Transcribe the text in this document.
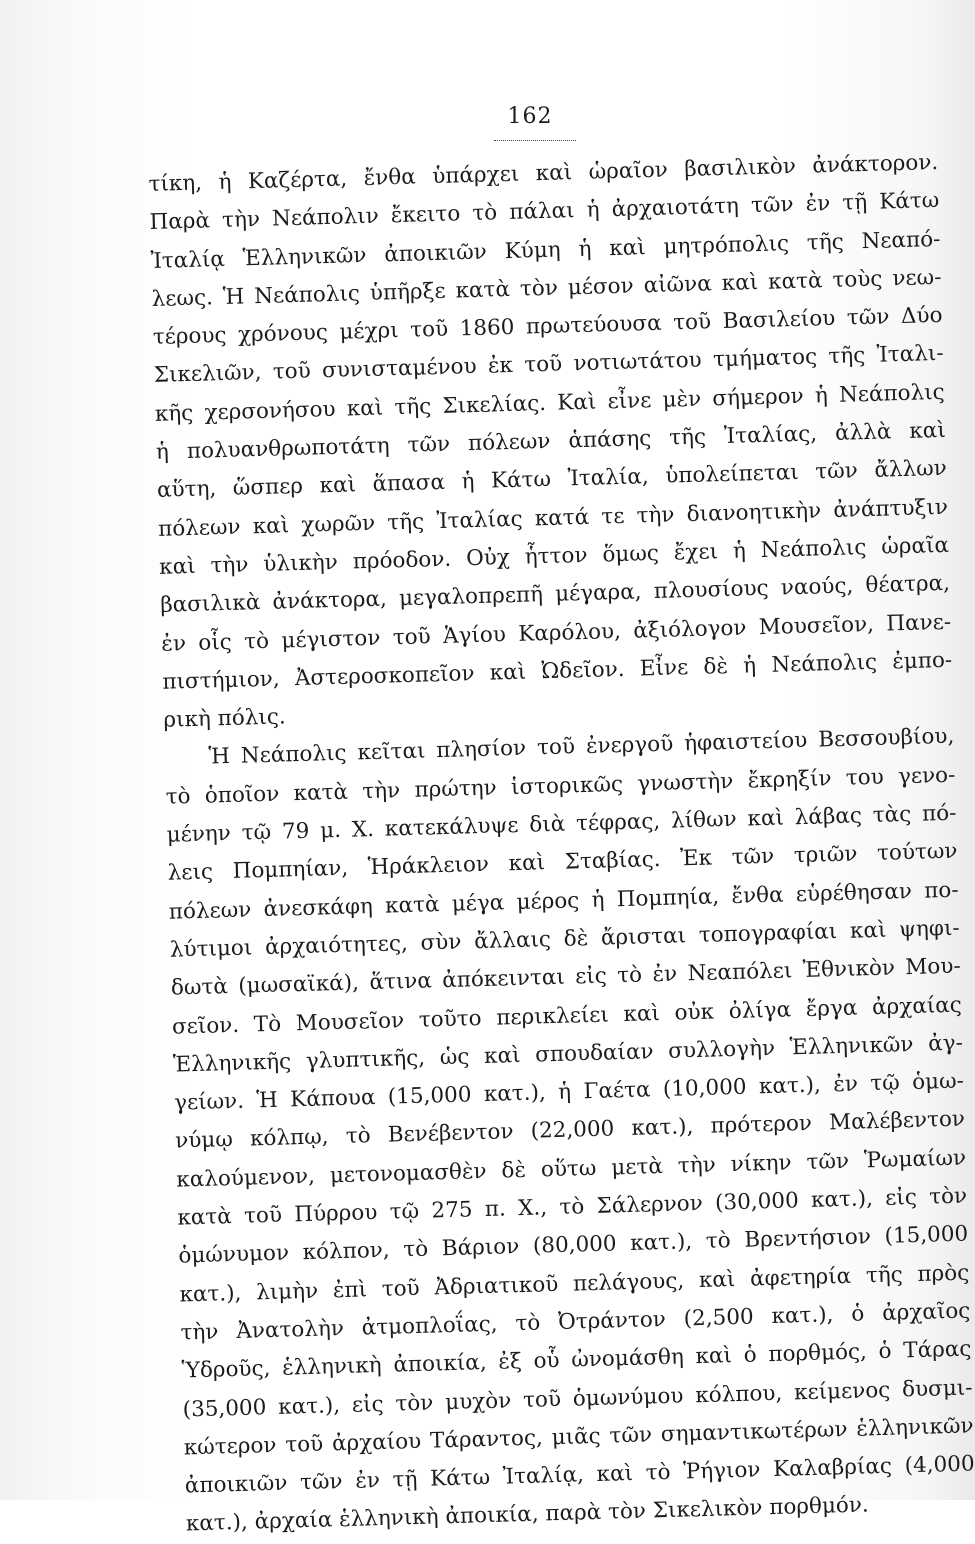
162
τίκη, ἡ Καζέρτα, ἔνθα ὑπάρχει καὶ ὡραῖον βασιλικὸν ἀνάκτορον.
Παρὰ τὴν Νεάπολιν ἔκειτο τὸ πάλαι ἡ ἀρχαιοτάτη τῶν ἐν τῇ Κάτω
Ἰταλίᾳ Ἑλληνικῶν ἀποικιῶν Κύμη ἡ καὶ μητρόπολις τῆς Νεαπό-
λεως. Ἡ Νεάπολις ὑπῆρξε κατὰ τὸν μέσον αἰῶνα καὶ κατὰ τοὺς νεω-
τέρους χρόνους μέχρι τοῦ 1860 πρωτεύουσα τοῦ Βασιλείου τῶν Δύο
Σικελιῶν, τοῦ συνισταμένου ἐκ τοῦ νοτιωτάτου τμήματος τῆς Ἰταλι-
κῆς χερσονήσου καὶ τῆς Σικελίας. Καὶ εἶνε μὲν σήμερον ἡ Νεάπολις
ἡ πολυανθρωποτάτη τῶν πόλεων ἁπάσης τῆς Ἰταλίας, ἀλλὰ καὶ
αὕτη, ὥσπερ καὶ ἅπασα ἡ Κάτω Ἰταλία, ὑπολείπεται τῶν ἄλλων
πόλεων καὶ χωρῶν τῆς Ἰταλίας κατά τε τὴν διανοητικὴν ἀνάπτυξιν
καὶ τὴν ὑλικὴν πρόοδον. Οὐχ ἧττον ὅμως ἔχει ἡ Νεάπολις ὡραῖα
βασιλικὰ ἀνάκτορα, μεγαλοπρεπῆ μέγαρα, πλουσίους ναούς, θέατρα,
ἐν οἷς τὸ μέγιστον τοῦ Ἁγίου Καρόλου, ἀξιόλογον Μουσεῖον, Πανε-
πιστήμιον, Ἀστεροσκοπεῖον καὶ Ὠδεῖον. Εἶνε δὲ ἡ Νεάπολις ἐμπο-
ρικὴ πόλις.
Ἡ Νεάπολις κεῖται πλησίον τοῦ ἐνεργοῦ ἡφαιστείου Βεσσουβίου,
τὸ ὁποῖον κατὰ τὴν πρώτην ἱστορικῶς γνωστὴν ἔκρηξίν του γενο-
μένην τῷ 79 μ. Χ. κατεκάλυψε διὰ τέφρας, λίθων καὶ λάβας τὰς πό-
λεις Πομπηίαν, Ἡράκλειον καὶ Σταβίας. Ἐκ τῶν τριῶν τούτων
πόλεων ἀνεσκάφη κατὰ μέγα μέρος ἡ Πομπηία, ἔνθα εὑρέθησαν πο-
λύτιμοι ἀρχαιότητες, σὺν ἄλλαις δὲ ἄρισται τοπογραφίαι καὶ ψηφι-
δωτὰ (μωσαϊκά), ἅτινα ἀπόκεινται εἰς τὸ ἐν Νεαπόλει Ἐθνικὸν Μου-
σεῖον. Τὸ Μουσεῖον τοῦτο περικλείει καὶ οὐκ ὀλίγα ἔργα ἀρχαίας
Ἑλληνικῆς γλυπτικῆς, ὡς καὶ σπουδαίαν συλλογὴν Ἑλληνικῶν ἀγ-
γείων. Ἡ Κάπουα (15,000 κατ.), ἡ Γαέτα (10,000 κατ.), ἐν τῷ ὁμω-
νύμῳ κόλπῳ, τὸ Βενέβεντον (22,000 κατ.), πρότερον Μαλέβεντον
καλούμενον, μετονομασθὲν δὲ οὕτω μετὰ τὴν νίκην τῶν Ῥωμαίων
κατὰ τοῦ Πύρρου τῷ 275 π. Χ., τὸ Σάλερνον (30,000 κατ.), εἰς τὸν
ὁμώνυμον κόλπον, τὸ Βάριον (80,000 κατ.), τὸ Βρεντήσιον (15,000
κατ.), λιμὴν ἐπὶ τοῦ Ἀδριατικοῦ πελάγους, καὶ ἀφετηρία τῆς πρὸς
τὴν Ἀνατολὴν ἀτμοπλοΐας, τὸ Ὀτράντον (2,500 κατ.), ὁ ἀρχαῖος
Ὑδροῦς, ἑλληνικὴ ἀποικία, ἐξ οὗ ὠνομάσθη καὶ ὁ πορθμός, ὁ Τάρας
(35,000 κατ.), εἰς τὸν μυχὸν τοῦ ὁμωνύμου κόλπου, κείμενος δυσμι-
κώτερον τοῦ ἀρχαίου Τάραντος, μιᾶς τῶν σημαντικωτέρων ἑλληνικῶν
ἀποικιῶν τῶν ἐν τῇ Κάτω Ἰταλίᾳ, καὶ τὸ Ῥήγιον Καλαβρίας (4,000
κατ.), ἀρχαία ἑλληνικὴ ἀποικία, παρὰ τὸν Σικελικὸν πορθμόν.
